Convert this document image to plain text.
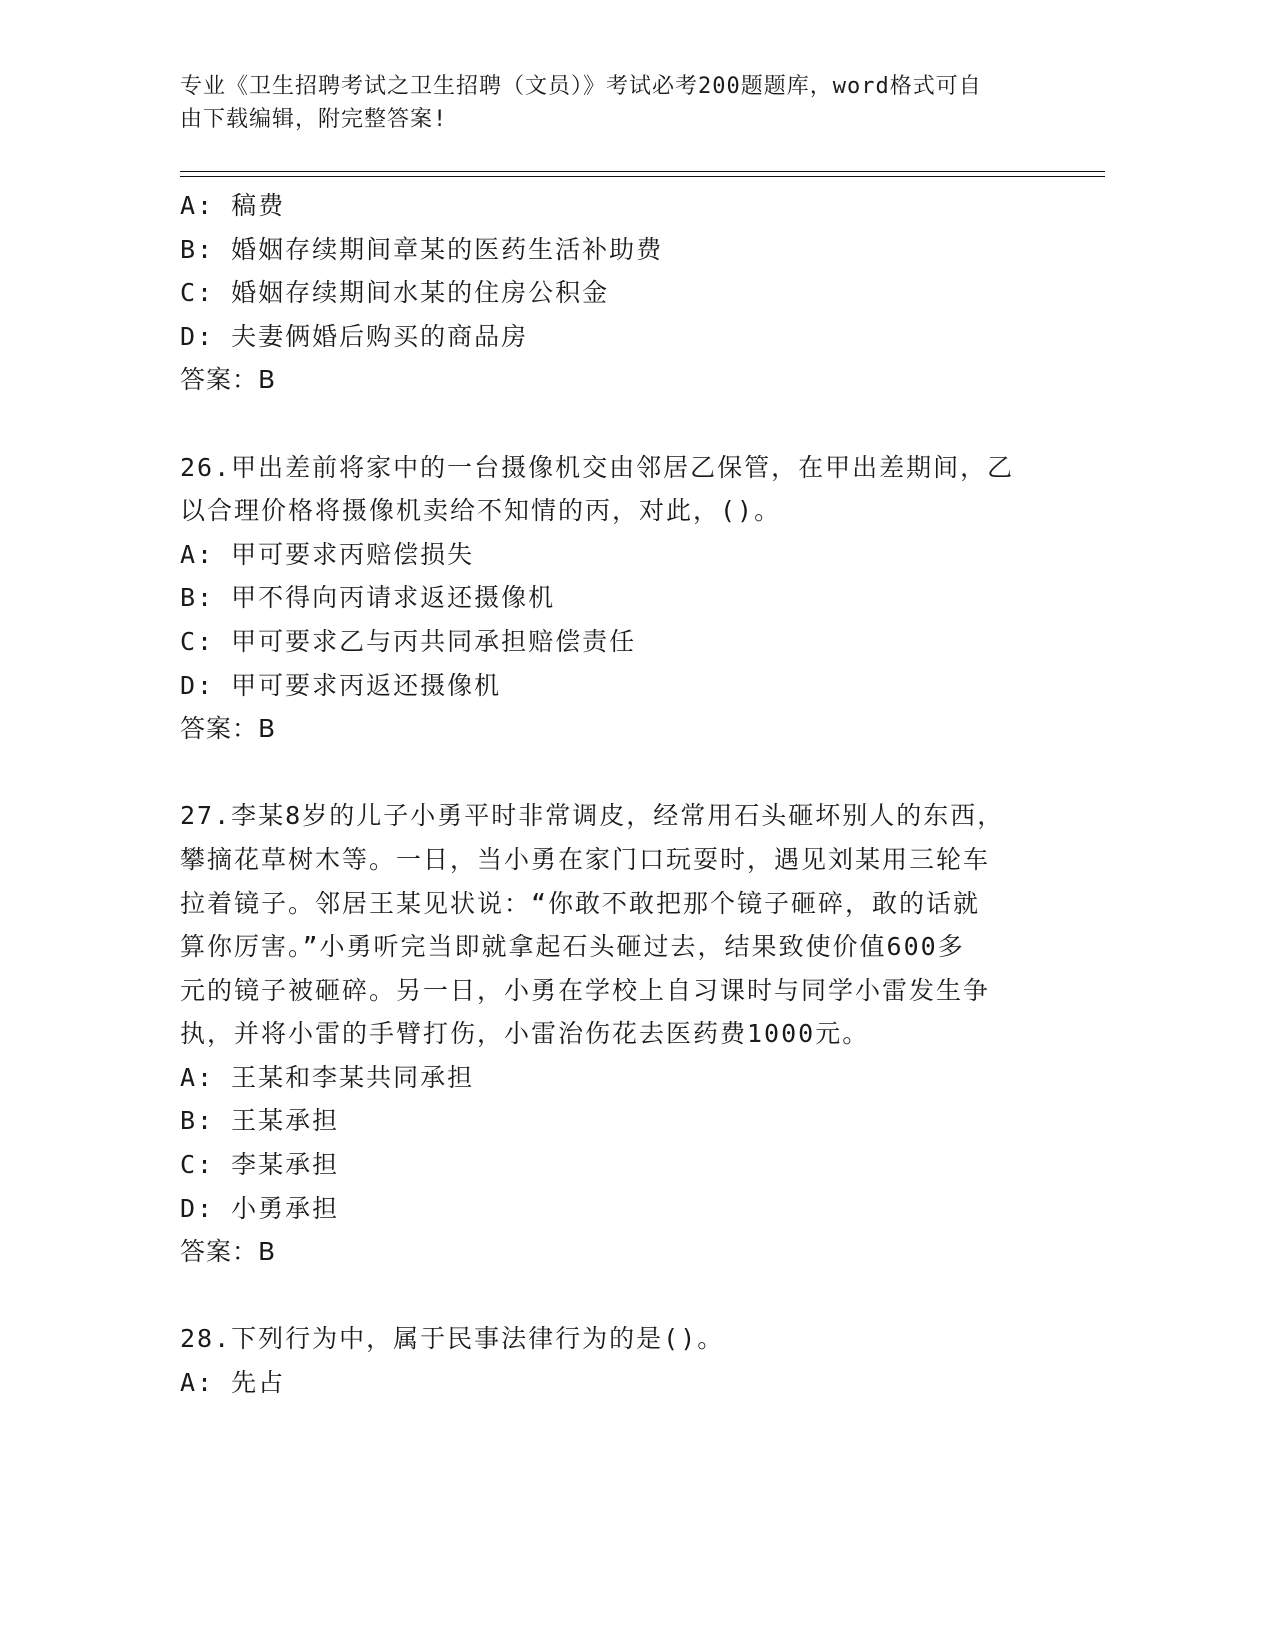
专业《卫生招聘考试之卫生招聘（文员）》考试必考200题题库，word格式可自
由下载编辑，附完整答案!
A: 稿费
B: 婚姻存续期间章某的医药生活补助费
C: 婚姻存续期间水某的住房公积金
D: 夫妻俩婚后购买的商品房
答案：B
26.甲出差前将家中的一台摄像机交由邻居乙保管，在甲出差期间，乙
以合理价格将摄像机卖给不知情的丙，对此，()。
A: 甲可要求丙赔偿损失
B: 甲不得向丙请求返还摄像机
C: 甲可要求乙与丙共同承担赔偿责任
D: 甲可要求丙返还摄像机
答案：B
27.李某8岁的儿子小勇平时非常调皮，经常用石头砸坏别人的东西，
攀摘花草树木等。一日，当小勇在家门口玩耍时，遇见刘某用三轮车
拉着镜子。邻居王某见状说：“你敢不敢把那个镜子砸碎，敢的话就
算你厉害。”小勇听完当即就拿起石头砸过去，结果致使价值600多
元的镜子被砸碎。另一日，小勇在学校上自习课时与同学小雷发生争
执，并将小雷的手臂打伤，小雷治伤花去医药费1000元。
A: 王某和李某共同承担
B: 王某承担
C: 李某承担
D: 小勇承担
答案：B
28.下列行为中，属于民事法律行为的是()。
A: 先占
